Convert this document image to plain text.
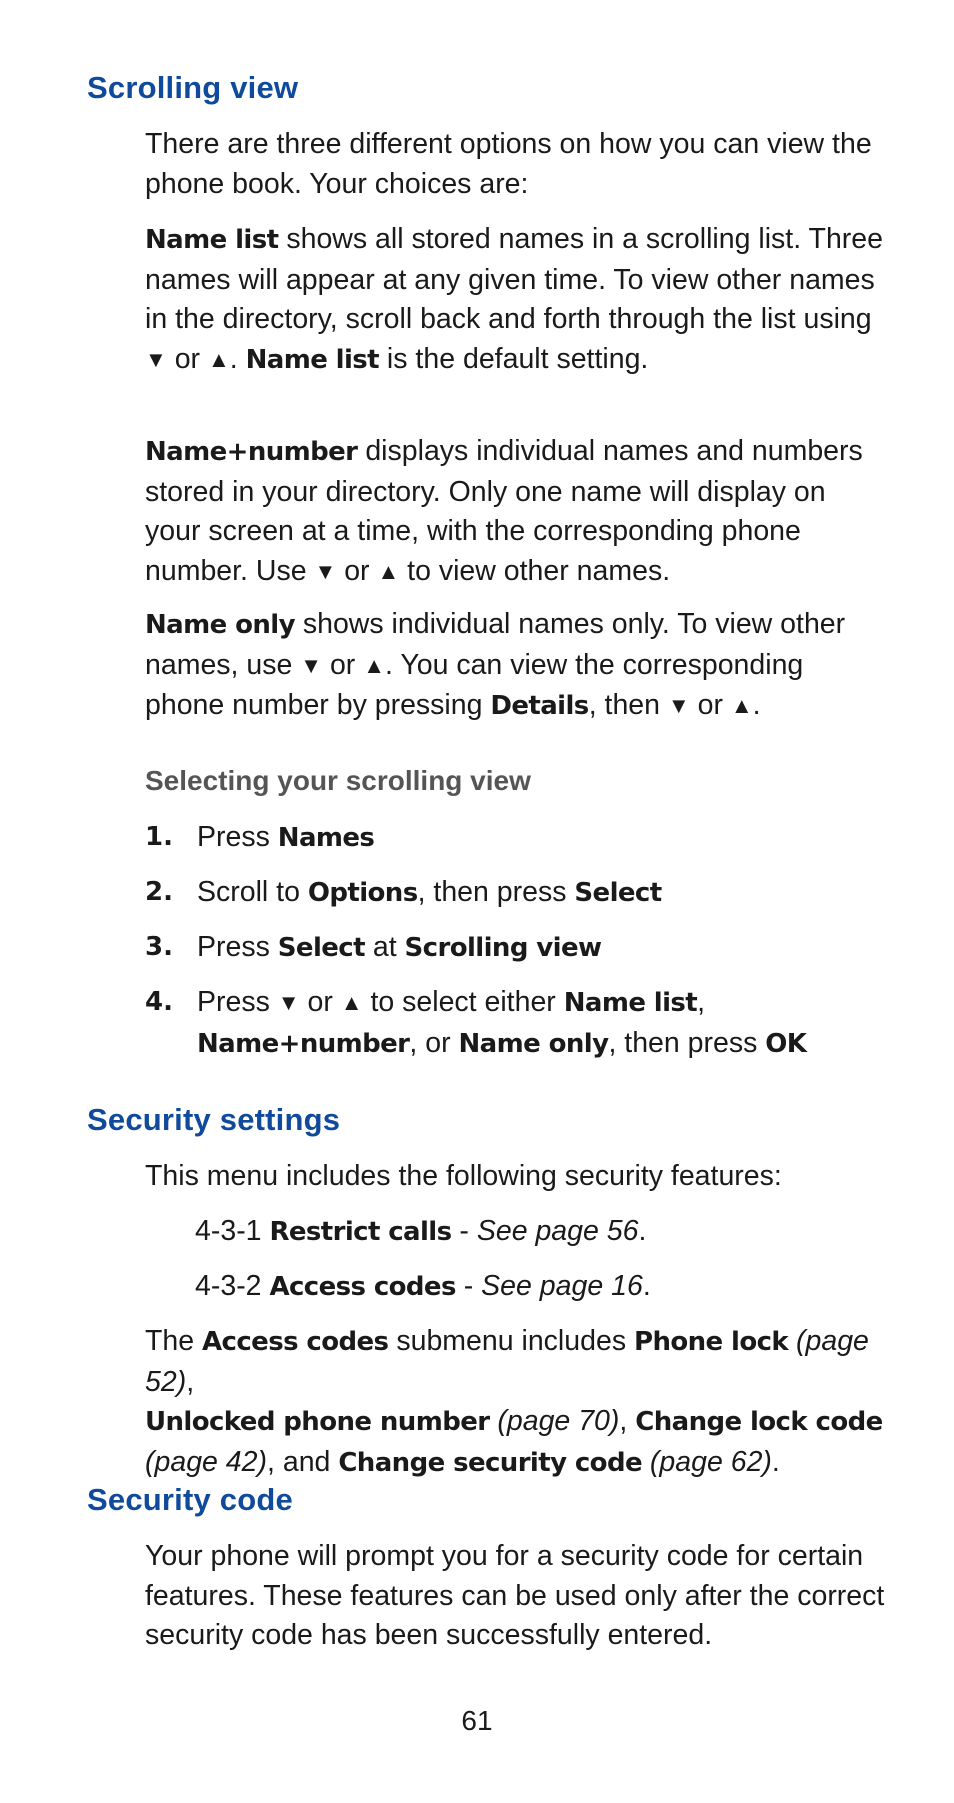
Scrolling view

There are three different options on how you can view the phone book. Your choices are:

Name list shows all stored names in a scrolling list. Three names will appear at any given time. To view other names in the directory, scroll back and forth through the list using ▼ or ▲. Name list is the default setting.

Name+number displays individual names and numbers stored in your directory. Only one name will display on your screen at a time, with the corresponding phone number. Use ▼ or ▲ to view other names.

Name only shows individual names only. To view other names, use ▼ or ▲. You can view the corresponding phone number by pressing Details, then ▼ or ▲.

Selecting your scrolling view
1. Press Names
2. Scroll to Options, then press Select
3. Press Select at Scrolling view
4. Press ▼ or ▲ to select either Name list,
Name+number, or Name only, then press OK
Security settings

This menu includes the following security features:

4-3-1 Restrict calls - See page 56.
4-3-2 Access codes - See page 16.

The Access codes submenu includes Phone lock (page 52),
Unlocked phone number (page 70), Change lock code
(page 42), and Change security code (page 62).

Security code

Your phone will prompt you for a security code for certain features. These features can be used only after the correct security code has been successfully entered.

61
